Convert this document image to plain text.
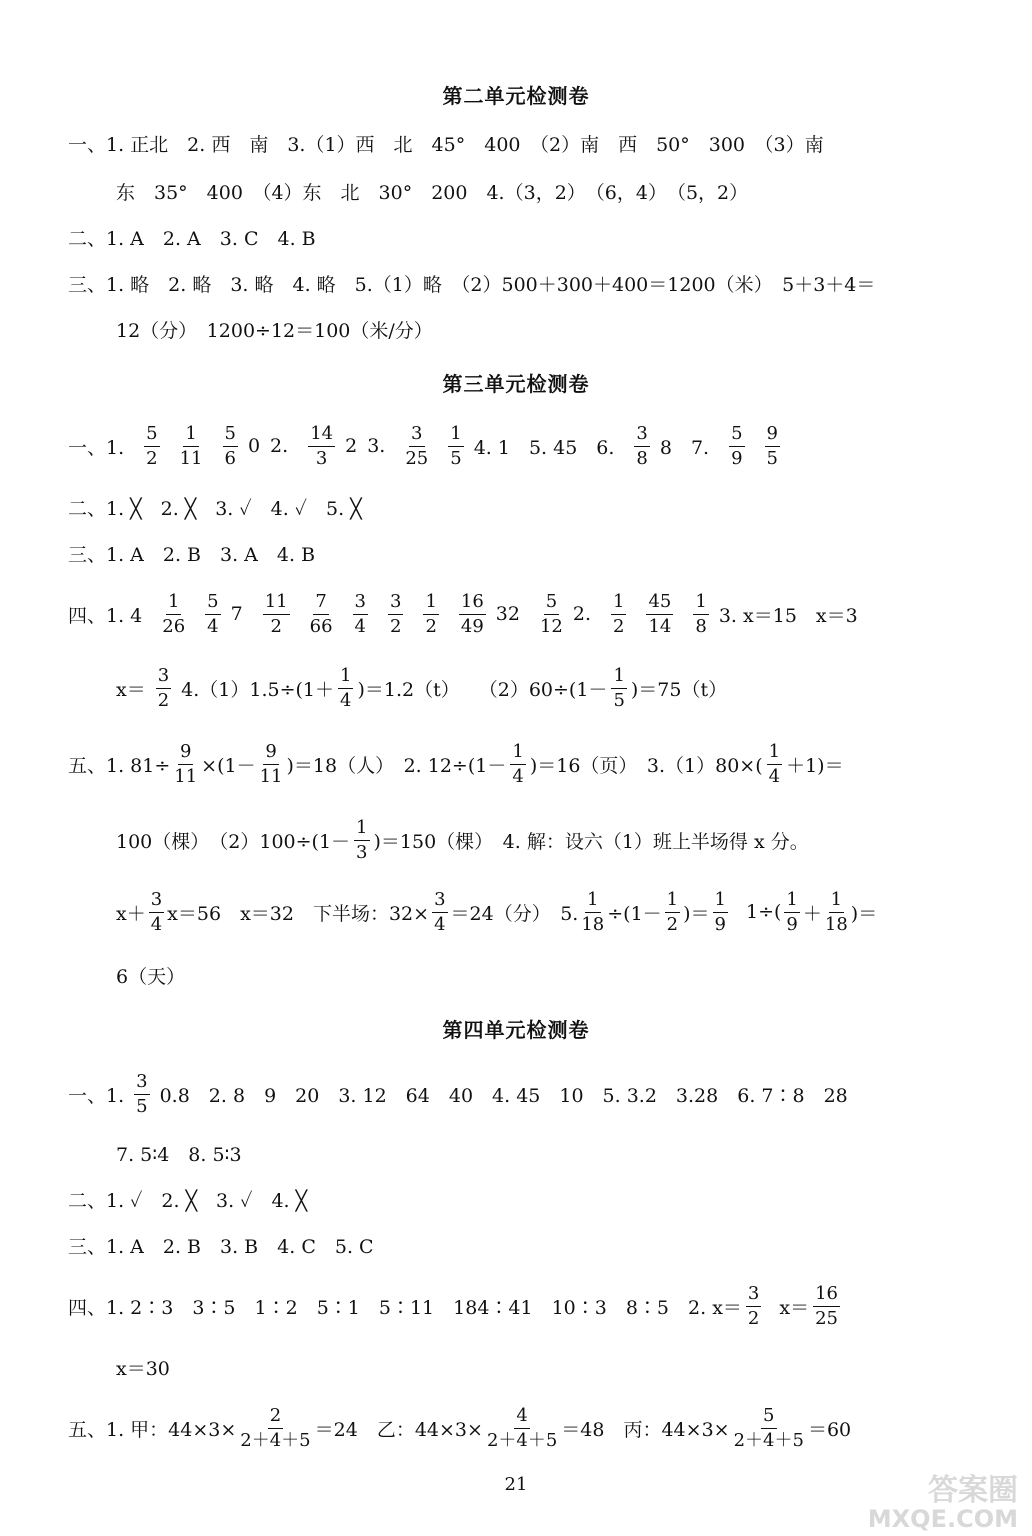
第二单元检测卷
一、1. 正北　2. 西　南　3.（1）西　北　45°　400　（2）南　西　50°　300　（3）南
东　35°　400　（4）东　北　30°　200　4.（3，2）　（6，4）　（5，2）
二、1. A　2. A　3. C　4. B
三、1. 略　2. 略　3. 略　4. 略　5.（1）略　（2）500＋300＋400＝1200（米）　5＋3＋4＝
12（分）　1200÷12＝100（米/分）
第三单元检测卷
一、1. $\frac{5}{2} \frac{1}{11} \frac{5}{6} 0$ 2. $\frac{14}{3} 2$ 3. $\frac{3}{25} \frac{1}{5} 4$. 1　5. 45　6. $\frac{3}{8} 8$　7. $\frac{5}{9} \frac{9}{5}$
二、1. ╳　2. ╳　3. ✓　4. ✓　5. ╳
三、1. A　2. B　3. A　4. B
四、1. $4 \frac{1}{26} \frac{5}{4} 7 \frac{11}{2} \frac{7}{66} \frac{3}{4} \frac{3}{2} \frac{1}{2} \frac{16}{49} 32 \frac{5}{12} 2$. $\frac{1}{2} \frac{45}{14} \frac{1}{8} 3$. x＝15　x＝3
$x= \frac{3}{2} 4.(1)1.5\div(1+ \frac{1}{4} )=1.2(t)$　　$(2)60\div(1- \frac{1}{5} )=75(t)$
五、1. $81\div \frac{9}{11} \times(1- \frac{9}{11} )=18$（人）　2. $12\div(1- \frac{1}{4} )=16$（页）　$3.(1)80\times( \frac{1}{4} +1)=$
100（棵）　$(2)100\div(1- \frac{1}{3} )=150$（棵）　4. 解：设六（1）班上半场得 x 分。
$x+ \frac{3}{4} x=56$　x＝32　下半场：$32\times \frac{3}{4} =24$（分）　5. $\frac{1}{18} \div(1- \frac{1}{2}$ )＝ $\frac{1}{9} 1\div( \frac{1}{9} + \frac{1}{18}$ )＝
6（天）
第四单元检测卷
一、1. $\frac{3}{5} 0.8$　2. 8　9　20　3. 12　64　40　4. 45　10　5. 3.2　3.28　6. 7∶8　28
7. 5∶4　8. 5∶3
二、1. ✓　2. ╳　3. ✓　4. ╳
三、1. A　2. B　3. B　4. C　5. C
四、1. 2∶3　3∶5　1∶2　5∶1　5∶11　184∶41　10∶3　8∶5　2. $x= \frac{3}{2} x= \frac{16}{25}$
x＝30
五、1. 甲：$44\times 3\times \frac{2}{2+4+5} =24$　乙：$44\times 3\times \frac{4}{2+4+5} =48$　丙：$44\times 3\times \frac{5}{2+4+5} =60$
21	答案圈
MXQE.COM
